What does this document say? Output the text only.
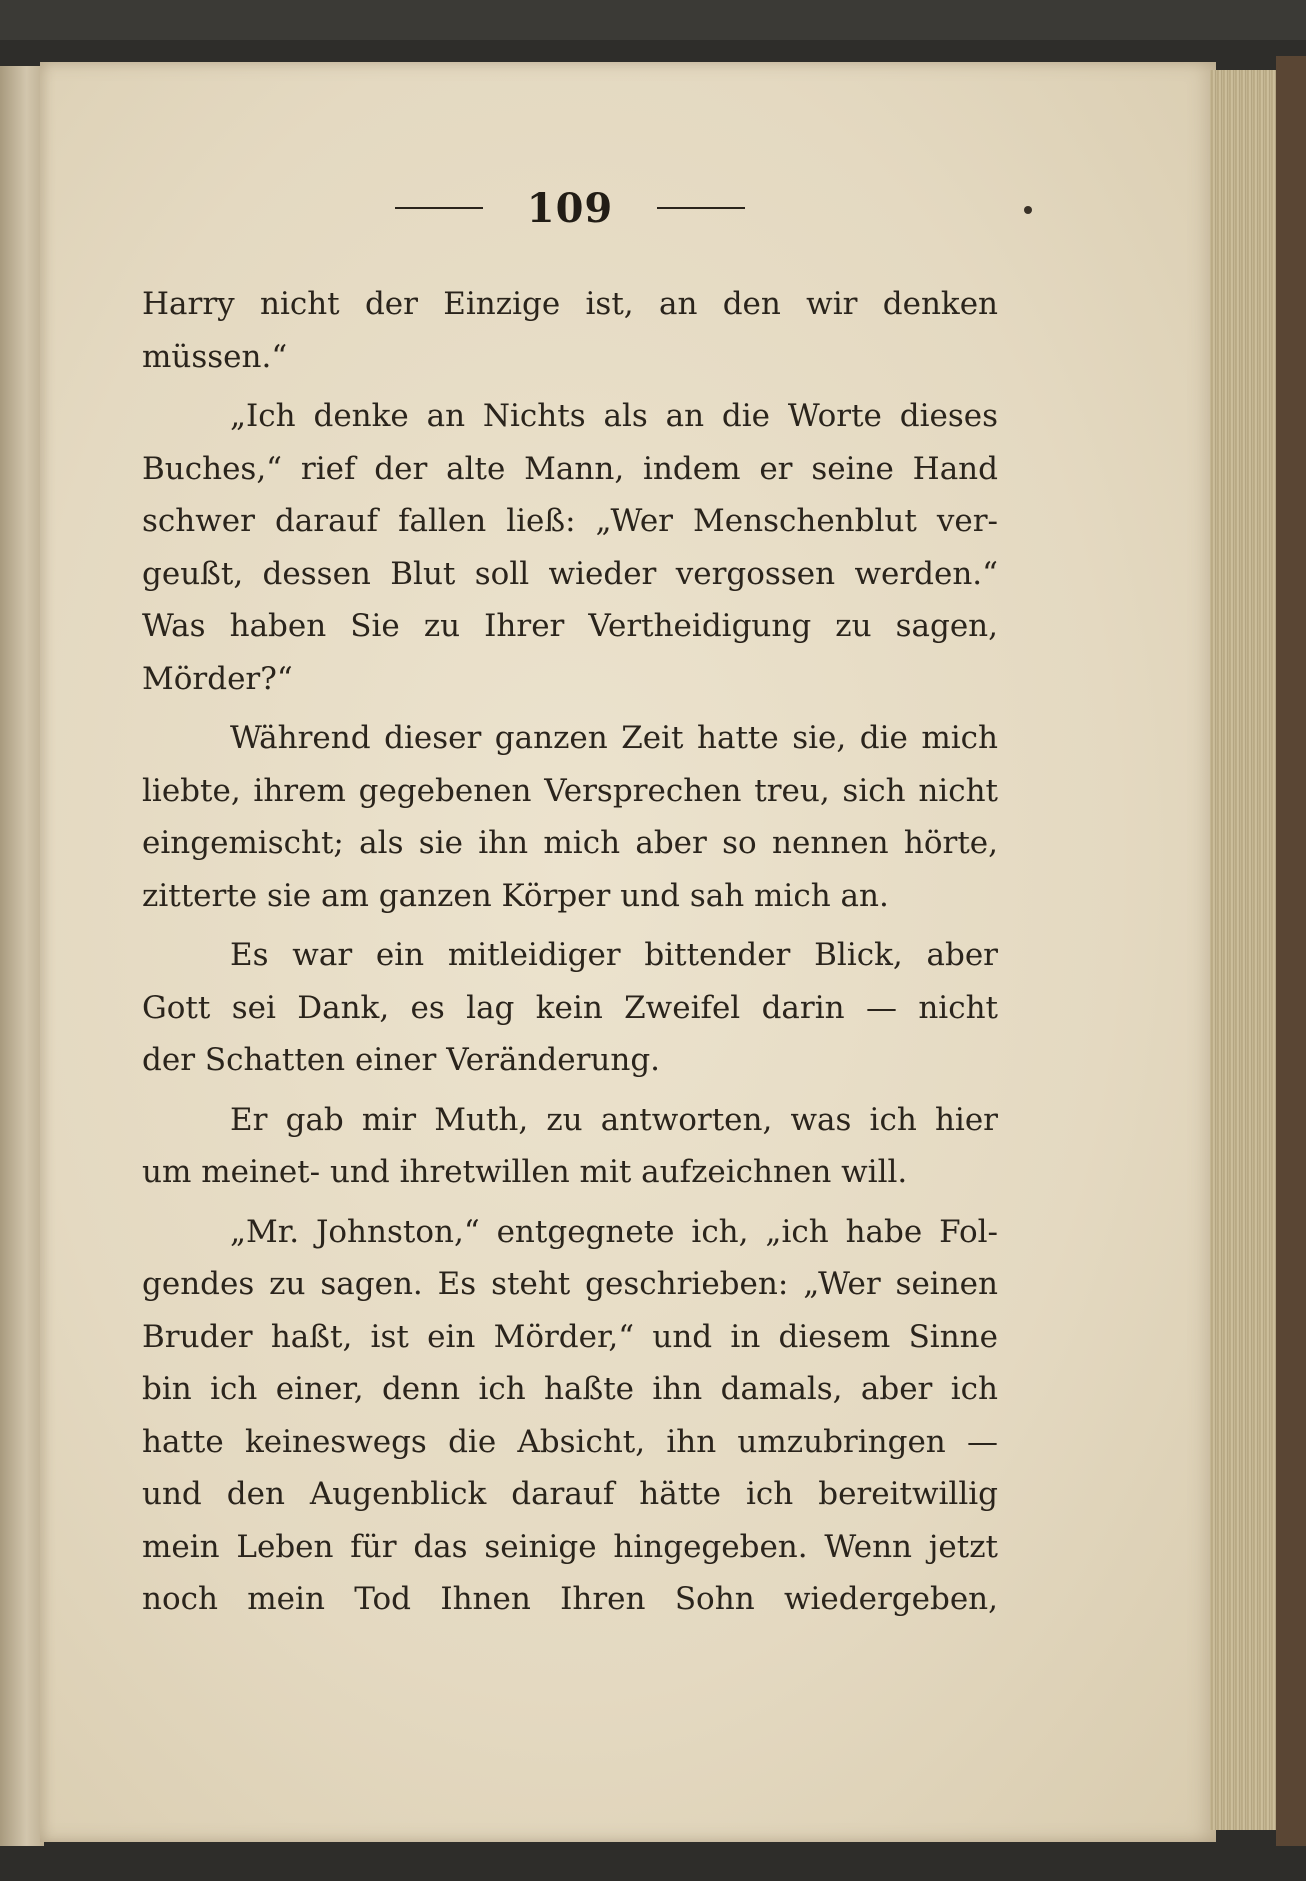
109
Harry nicht der Einzige ist, an den wir denken
müssen.“
„Ich denke an Nichts als an die Worte dieses
Buches,“ rief der alte Mann, indem er seine Hand
schwer darauf fallen ließ: „Wer Menschenblut ver-
geußt, dessen Blut soll wieder vergossen werden.“
Was haben Sie zu Ihrer Vertheidigung zu sagen,
Mörder?“
Während dieser ganzen Zeit hatte sie, die mich
liebte, ihrem gegebenen Versprechen treu, sich nicht
eingemischt; als sie ihn mich aber so nennen hörte,
zitterte sie am ganzen Körper und sah mich an.
Es war ein mitleidiger bittender Blick, aber
Gott sei Dank, es lag kein Zweifel darin — nicht
der Schatten einer Veränderung.
Er gab mir Muth, zu antworten, was ich hier
um meinet- und ihretwillen mit aufzeichnen will.
„Mr. Johnston,“ entgegnete ich, „ich habe Fol-
gendes zu sagen. Es steht geschrieben: „Wer seinen
Bruder haßt, ist ein Mörder,“ und in diesem Sinne
bin ich einer, denn ich haßte ihn damals, aber ich
hatte keineswegs die Absicht, ihn umzubringen —
und den Augenblick darauf hätte ich bereitwillig
mein Leben für das seinige hingegeben. Wenn jetzt
noch mein Tod Ihnen Ihren Sohn wiedergeben,
